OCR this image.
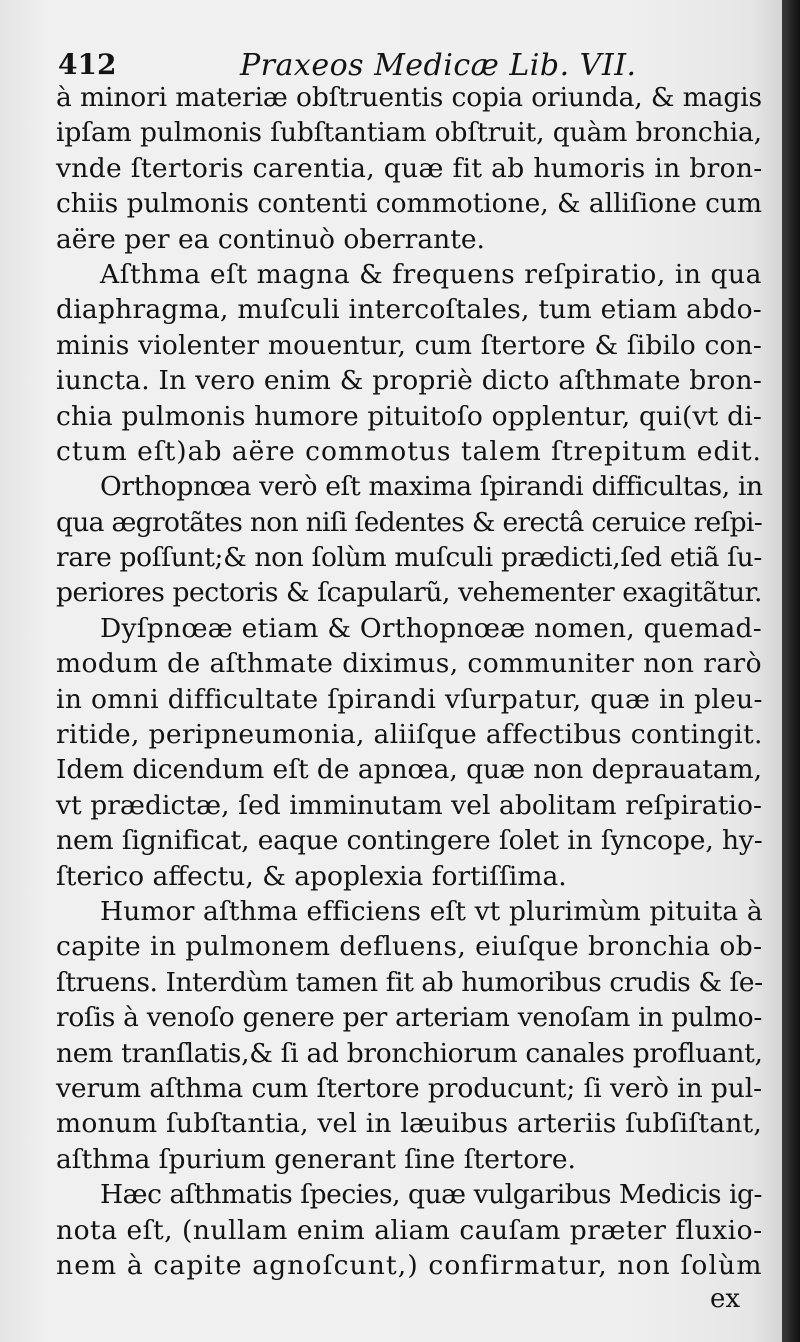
412	Praxeos Medicæ Lib. VII.
à minori materiæ obſtruentis copia oriunda, & magis
ipſam pulmonis ſubſtantiam obſtruit, quàm bronchia,
vnde ſtertoris carentia, quæ fit ab humoris in bron-
chiis pulmonis contenti commotione, & alliſione cum
aëre per ea continuò oberrante.
Aſthma eſt magna & frequens reſpiratio, in qua
diaphragma, muſculi intercoſtales, tum etiam abdo-
minis violenter mouentur, cum ſtertore & ſibilo con-
iuncta. In vero enim & propriè dicto aſthmate bron-
chia pulmonis humore pituitoſo opplentur, qui(vt di-
ctum eſt)ab aëre commotus talem ſtrepitum edit.
Orthopnœa verò eſt maxima ſpirandi difficultas, in
qua ægrotãtes non niſi ſedentes & erectâ ceruice reſpi-
rare poſſunt;& non ſolùm muſculi prædicti,ſed etiã ſu-
periores pectoris & ſcapularũ, vehementer exagitãtur.
Dyſpnœæ etiam & Orthopnœæ nomen, quemad-
modum de aſthmate diximus, communiter non rarò
in omni difficultate ſpirandi vſurpatur, quæ in pleu-
ritide, peripneumonia, aliiſque affectibus contingit.
Idem dicendum eſt de apnœa, quæ non deprauatam,
vt prædictæ, ſed imminutam vel abolitam reſpiratio-
nem ſignificat, eaque contingere ſolet in ſyncope, hy-
ſterico affectu, & apoplexia fortiſſima.
Humor aſthma efficiens eſt vt plurimùm pituita à
capite in pulmonem defluens, eiuſque bronchia ob-
ſtruens. Interdùm tamen fit ab humoribus crudis & ſe-
roſis à venoſo genere per arteriam venoſam in pulmo-
nem tranſlatis,& ſi ad bronchiorum canales profluant,
verum aſthma cum ſtertore producunt; ſi verò in pul-
monum ſubſtantia, vel in læuibus arteriis ſubſiſtant,
aſthma ſpurium generant ſine ſtertore.
Hæc aſthmatis ſpecies, quæ vulgaribus Medicis ig-
nota eſt, (nullam enim aliam cauſam præter fluxio-
nem à capite agnoſcunt,) confirmatur, non ſolùm
ex
